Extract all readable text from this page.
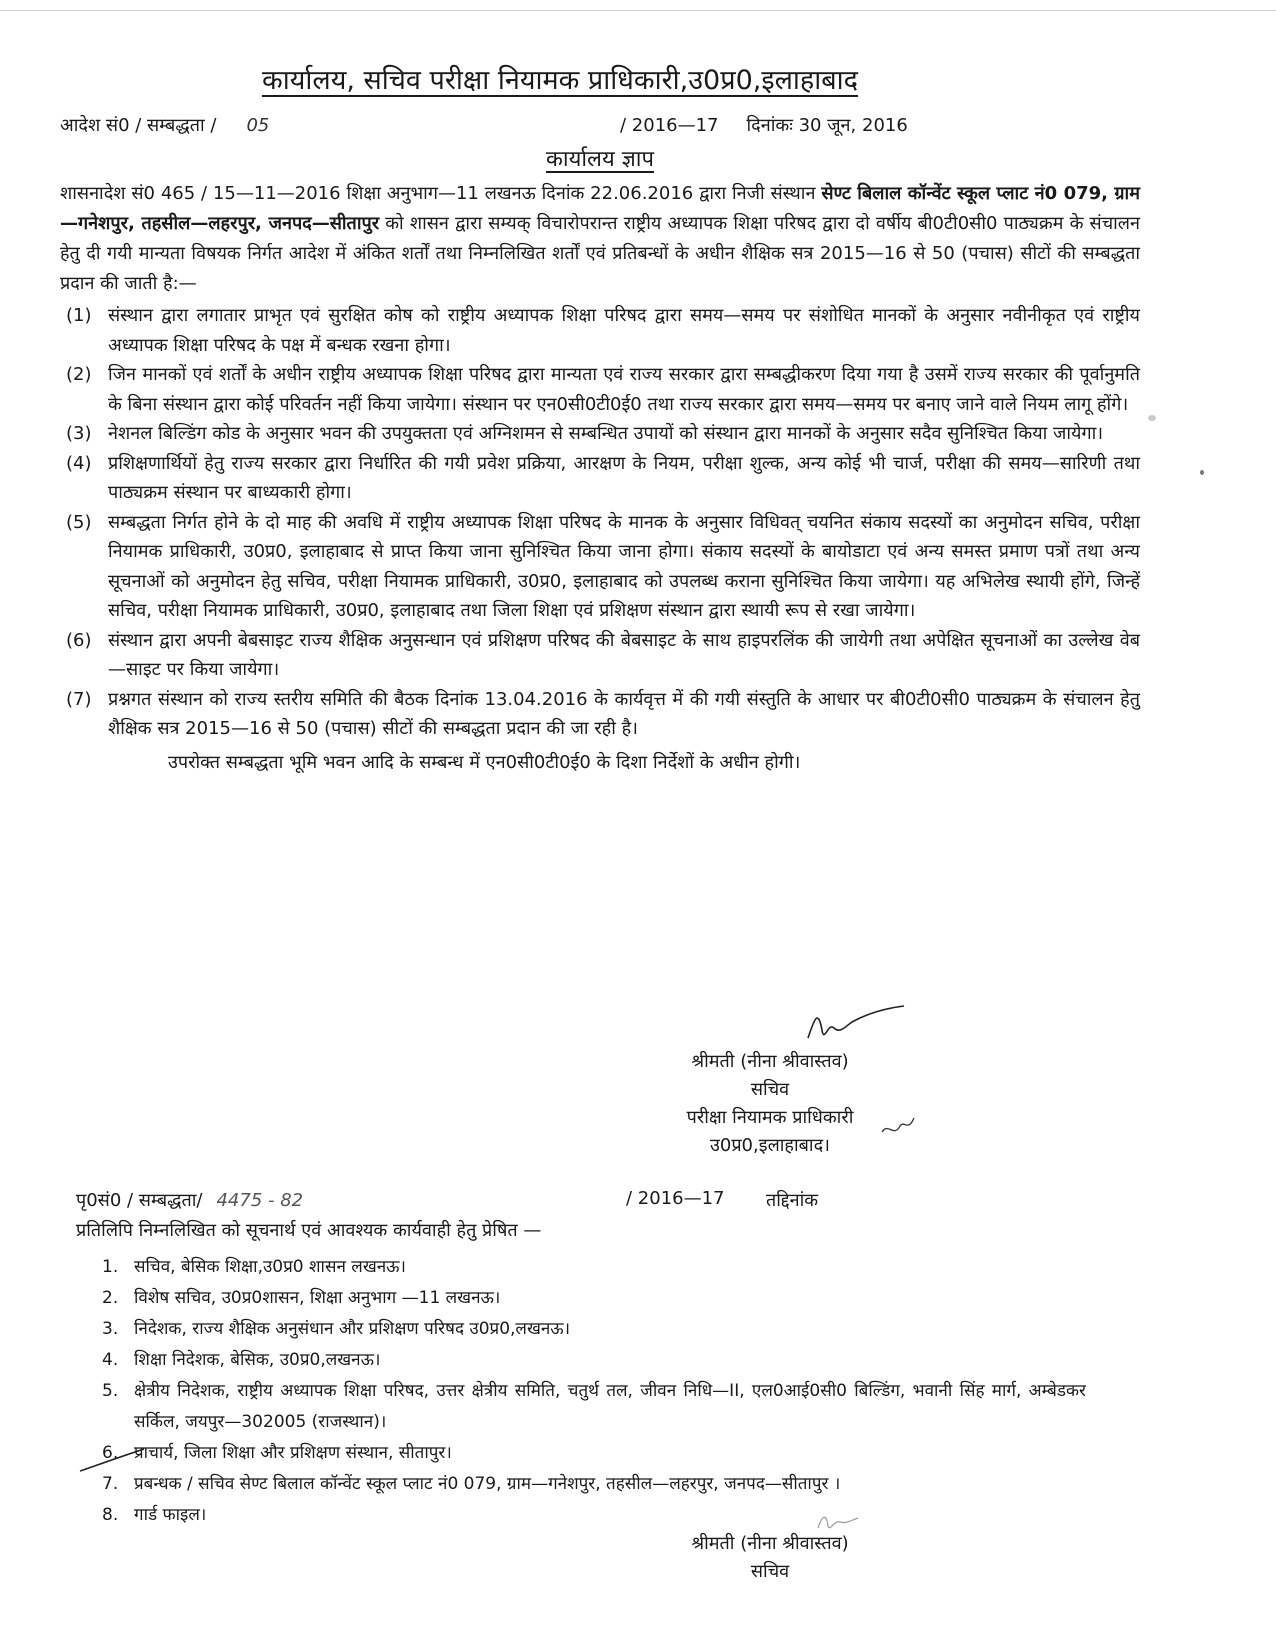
कार्यालय, सचिव परीक्षा नियामक प्राधिकारी,उ0प्र0,इलाहाबाद
आदेश सं0 / सम्बद्धता / 05	/ 2016—17 दिनांकः 30 जून, 2016
कार्यालय ज्ञाप

शासनादेश सं0 465 / 15—11—2016 शिक्षा अनुभाग—11 लखनऊ दिनांक 22.06.2016 द्वारा निजी संस्थान सेण्ट बिलाल कॉन्वेंट स्कूल प्लाट नं0 079, ग्राम—गनेशपुर, तहसील—लहरपुर, जनपद—सीतापुर को शासन द्वारा सम्यक् विचारोपरान्त राष्ट्रीय अध्यापक शिक्षा परिषद द्वारा दो वर्षीय बी0टी0सी0 पाठ्यक्रम के संचालन हेतु दी गयी मान्यता विषयक निर्गत आदेश में अंकित शर्तों तथा निम्नलिखित शर्तों एवं प्रतिबन्धों के अधीन शैक्षिक सत्र 2015—16 से 50 (पचास) सीटों की सम्बद्धता प्रदान की जाती है:—

(1) संस्थान द्वारा लगातार प्राभृत एवं सुरक्षित कोष को राष्ट्रीय अध्यापक शिक्षा परिषद द्वारा समय—समय पर संशोधित मानकों के अनुसार नवीनीकृत एवं राष्ट्रीय अध्यापक शिक्षा परिषद के पक्ष में बन्धक रखना होगा।
(2) जिन मानकों एवं शर्तों के अधीन राष्ट्रीय अध्यापक शिक्षा परिषद द्वारा मान्यता एवं राज्य सरकार द्वारा सम्बद्धीकरण दिया गया है उसमें राज्य सरकार की पूर्वानुमति के बिना संस्थान द्वारा कोई परिवर्तन नहीं किया जायेगा। संस्थान पर एन0सी0टी0ई0 तथा राज्य सरकार द्वारा समय—समय पर बनाए जाने वाले नियम लागू होंगे।
(3) नेशनल बिल्डिंग कोड के अनुसार भवन की उपयुक्तता एवं अग्निशमन से सम्बन्धित उपायों को संस्थान द्वारा मानकों के अनुसार सदैव सुनिश्चित किया जायेगा।
(4) प्रशिक्षणार्थियों हेतु राज्य सरकार द्वारा निर्धारित की गयी प्रवेश प्रक्रिया, आरक्षण के नियम, परीक्षा शुल्क, अन्य कोई भी चार्ज, परीक्षा की समय—सारिणी तथा पाठ्यक्रम संस्थान पर बाध्यकारी होगा।
(5) सम्बद्धता निर्गत होने के दो माह की अवधि में राष्ट्रीय अध्यापक शिक्षा परिषद के मानक के अनुसार विधिवत् चयनित संकाय सदस्यों का अनुमोदन सचिव, परीक्षा नियामक प्राधिकारी, उ0प्र0, इलाहाबाद से प्राप्त किया जाना सुनिश्चित किया जाना होगा। संकाय सदस्यों के बायोडाटा एवं अन्य समस्त प्रमाण पत्रों तथा अन्य सूचनाओं को अनुमोदन हेतु सचिव, परीक्षा नियामक प्राधिकारी, उ0प्र0, इलाहाबाद को उपलब्ध कराना सुनिश्चित किया जायेगा। यह अभिलेख स्थायी होंगे, जिन्हें सचिव, परीक्षा नियामक प्राधिकारी, उ0प्र0, इलाहाबाद तथा जिला शिक्षा एवं प्रशिक्षण संस्थान द्वारा स्थायी रूप से रखा जायेगा।
(6) संस्थान द्वारा अपनी बेबसाइट राज्य शैक्षिक अनुसन्धान एवं प्रशिक्षण परिषद की बेबसाइट के साथ हाइपरलिंक की जायेगी तथा अपेक्षित सूचनाओं का उल्लेख वेब—साइट पर किया जायेगा।
(7) प्रश्नगत संस्थान को राज्य स्तरीय समिति की बैठक दिनांक 13.04.2016 के कार्यवृत्त में की गयी संस्तुति के आधार पर बी0टी0सी0 पाठ्यक्रम के संचालन हेतु शैक्षिक सत्र 2015—16 से 50 (पचास) सीटों की सम्बद्धता प्रदान की जा रही है।
उपरोक्त सम्बद्धता भूमि भवन आदि के सम्बन्ध में एन0सी0टी0ई0 के दिशा निर्देशों के अधीन होगी।
श्रीमती (नीना श्रीवास्तव)
सचिव
परीक्षा नियामक प्राधिकारी
उ0प्र0,इलाहाबाद।
पृ0सं0 / सम्बद्धता/ 4475 - 82	/ 2016—17 तद्दिनांक
प्रतिलिपि निम्नलिखित को सूचनार्थ एवं आवश्यक कार्यवाही हेतु प्रेषित —
1. सचिव, बेसिक शिक्षा,उ0प्र0 शासन लखनऊ।
2. विशेष सचिव, उ0प्र0शासन, शिक्षा अनुभाग —11 लखनऊ।
3. निदेशक, राज्य शैक्षिक अनुसंधान और प्रशिक्षण परिषद उ0प्र0,लखनऊ।
4. शिक्षा निदेशक, बेसिक, उ0प्र0,लखनऊ।
5. क्षेत्रीय निदेशक, राष्ट्रीय अध्यापक शिक्षा परिषद, उत्तर क्षेत्रीय समिति, चतुर्थ तल, जीवन निधि—II, एल0आई0सी0 बिल्डिंग, भवानी सिंह मार्ग, अम्बेडकर सर्किल, जयपुर—302005 (राजस्थान)।
6. प्राचार्य, जिला शिक्षा और प्रशिक्षण संस्थान, सीतापुर।
7. प्रबन्धक / सचिव सेण्ट बिलाल कॉन्वेंट स्कूल प्लाट नं0 079, ग्राम—गनेशपुर, तहसील—लहरपुर, जनपद—सीतापुर ।
8. गार्ड फाइल।
श्रीमती (नीना श्रीवास्तव)
सचिव
